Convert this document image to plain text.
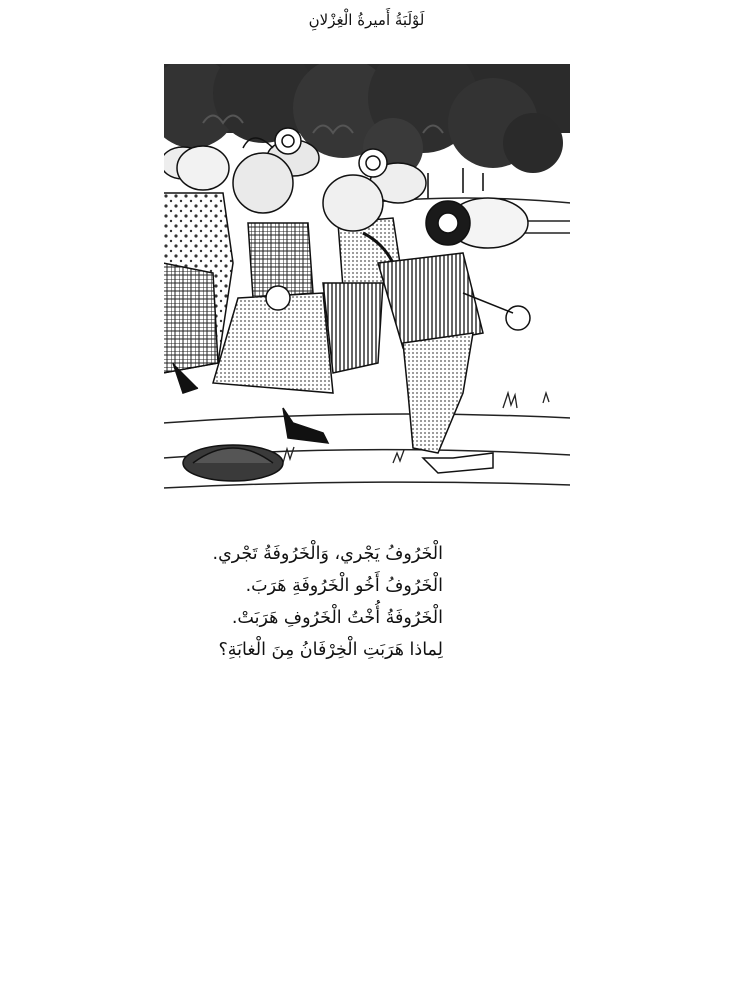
لَوْلَبَةُ أَميرةُ الْغِزْلانِ
الْخَرُوفُ يَجْري، وَالْخَرُوفَةُ تَجْري.
الْخَرُوفُ أَخُو الْخَرُوفَةِ هَرَبَ.
الْخَرُوفَةُ أُخْتُ الْخَرُوفِ هَرَبَتْ.
لِماذا هَرَبَتِ الْخِرْفَانُ مِنَ الْغابَةِ؟
